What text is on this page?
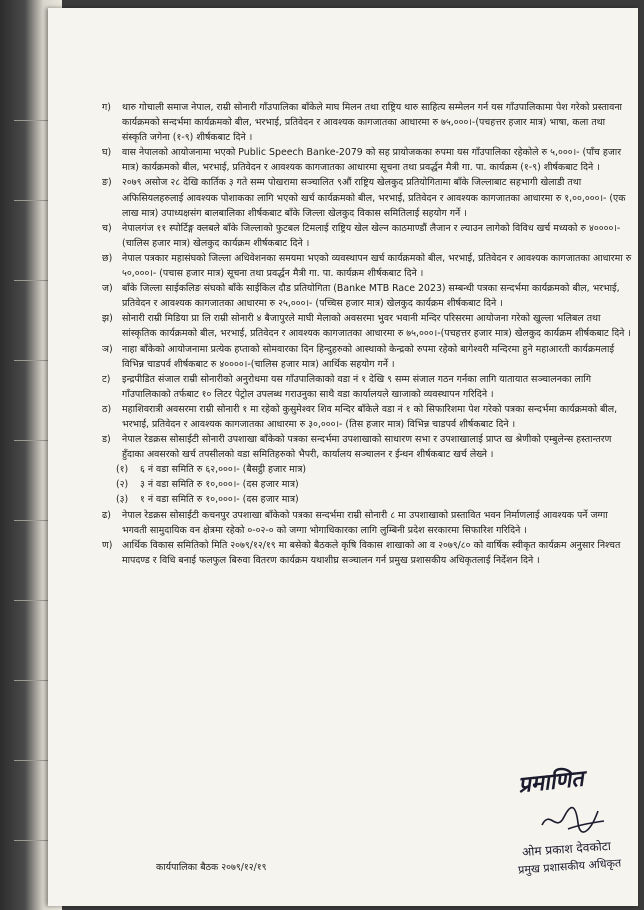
ग)	थारु गोचाली समाज नेपाल, राम्री सोनारी गाँउपालिका बाँकेले माघ मिलन तथा राष्ट्रिय थारु साहित्य सम्मेलन गर्न यस गाँउपालिकामा पेश गरेको प्रस्तावना कार्यक्रमको सन्दर्भमा कार्यक्रमको बील, भरभाई, प्रतिवेदन र आवश्यक कागजातका आधारमा रु ७५,०००।-(पचहत्तर हजार मात्र) भाषा, कला तथा संस्कृति जगेना (१-९) शीर्षकबाट दिने ।
घ)	वास नेपालको आयोजनामा भएको Public Speech Banke-2079 को सह प्रायोजकका रुपमा यस गाँउपालिका रहेकोले रु ५,०००।- (पाँच हजार मात्र) कार्यक्रमको बील, भरभाई, प्रतिवेदन र आवश्यक कागजातका आधारमा सूचना तथा प्रवर्द्धन मैत्री गा. पा. कार्यक्रम (१-९) शीर्षकबाट दिने ।
ङ)	२०७९ असोज २८ देखि कार्तिक ३ गते सम्म पोखरामा सञ्चालित ९औं राष्ट्रिय खेलकुद प्रतियोगितामा बाँके जिल्लाबाट सहभागी खेलाडी तथा अफिसियलहरुलाई आवश्यक पोशाकका लागि भएको खर्च कार्यक्रमको बील, भरभाई, प्रतिवेदन र आवश्यक कागजातका आधारमा रु १,००,०००।- (एक लाख मात्र) उपाध्यक्षसंग बालबालिका शीर्षकबाट बाँके जिल्ला खेलकुद विकास समितिलाई सहयोग गर्ने ।
च)	नेपालगंज ११ स्पोर्टिङ्ग क्लबले बाँके जिल्लाको फुटबल टिमलाई राष्ट्रिय खेल खेल्न काठमाण्डौं लैजान र ल्याउन लागेको विविध खर्च मध्यको रु ४००००।- (चालिस हजार मात्र) खेलकुद कार्यक्रम शीर्षकबाट दिने ।
छ)	नेपाल पत्रकार महासंघको जिल्ला अधिवेशनका समयमा भएको व्यवस्थापन खर्च कार्यक्रमको बील, भरभाई, प्रतिवेदन र आवश्यक कागजातका आधारमा रु ५०,०००।- (पचास हजार मात्र) सूचना तथा प्रवर्द्धन मैत्री गा. पा. कार्यक्रम शीर्षकबाट दिने ।
ज) बाँके जिल्ला साईकलिङ संघको बाँके साईकिल दौड प्रतियोगिता (Banke MTB Race 2023) सम्बन्धी पत्रका सन्दर्भमा कार्यक्रमको बील, भरभाई, प्रतिवेदन र आवश्यक कागजातका आधारमा रु २५,०००।- (पच्चिस हजार मात्र) खेलकुद कार्यक्रम शीर्षकबाट दिने ।
झ) सोनारी राम्री मिडिया प्रा लि राम्री सोनारी ४ बैजापुरले माघी मेलाको अवसरमा भुवर भवानी मन्दिर परिसरमा आयोजना गरेको खुल्ला भलिबल तथा सांस्कृतिक कार्यक्रमको बील, भरभाई, प्रतिवेदन र आवश्यक कागजातका आधारमा रु ७५,०००।-(पचहत्तर हजार मात्र) खेलकुद कार्यक्रम शीर्षकबाट दिने ।
ञ) नाहा बाँकेको आयोजनामा प्रत्येक हप्ताको सोमवारका दिन हिन्दुहरुको आस्थाको केन्द्रको रुपमा रहेको बागेश्वरी मन्दिरमा हुने महाआरती कार्यक्रमलाई विभिन्न चाडपर्व शीर्षकबाट रु ४००००।-(चालिस हजार मात्र) आर्थिक सहयोग गर्ने ।
ट)	इन्द्रपीडित संजाल राम्री सोनारीको अनुरोधमा यस गाँउपालिकाको वडा नं १ देखि ९ सम्म संजाल गठन गर्नका लागि यातायात सञ्चालनका लागि गाँउपालिकाको तर्फबाट १० लिटर पेट्रोल उपलब्ध गराउनुका साथै वडा कार्यालयले खाजाको व्यवस्थापन गरिदिने ।
ठ)	महाशिवरात्री अवसरमा राम्री सोनारी १ मा रहेको कुसुमेश्वर शिव मन्दिर बाँकेले वडा नं १ को सिफारिशमा पेश गरेको पत्रका सन्दर्भमा कार्यक्रमको बील, भरभाई, प्रतिवेदन र आवश्यक कागजातका आधारमा रु ३०,०००।- (तिस हजार मात्र) विभिन्न चाडपर्व शीर्षकबाट दिने ।
ड)	नेपाल रेडक्रस सोसाईटी सोनारी उपशाखा बाँकेको पत्रका सन्दर्भमा उपशाखाको साधारण सभा र उपशाखालाई प्राप्त ख श्रेणीको एम्बुलेन्स हस्तान्तरण हुँदाका अवसरको खर्च तपसीलको वडा समितिहरुको भैपरी, कार्यालय सञ्चालन र ईन्धन शीर्षकबाट खर्च लेख्ने ।
(१)	६ नं वडा समिति रु ६२,०००।- (बैसट्ठी हजार मात्र)
(२)	३ नं वडा समिति रु १०,०००।- (दस हजार मात्र)
(३)	१ नं वडा समिति रु १०,०००।- (दस हजार मात्र)
ढ)	नेपाल रेडक्रस सोसाईटी कचनपुर उपशाखा बाँकेको पत्रका सन्दर्भमा राम्री सोनारी ८ मा उपशाखाको प्रस्तावित भवन निर्माणलाई आवश्यक पर्ने जग्गा भगवती सामुदायिक वन क्षेत्रमा रहेको ०-०२-० को जग्गा भोगाधिकारका लागि लुम्बिनी प्रदेश सरकारमा सिफारिश गरिदिने ।
ण)	आर्थिक विकास समितिको मिति २०७९/१२/१९ मा बसेको बैठकले कृषि विकास शाखाको आ व २०७९/८० को वार्षिक स्वीकृत कार्यक्रम अनुसार निश्चत मापदण्ड र विधि बनाई फलफुल बिरुवा वितरण कार्यक्रम यथाशीघ्र सञ्चालन गर्न प्रमुख प्रशासकीय अधिकृतलाई निर्देशन दिने ।
प्रमाणित
ओम प्रकाश देवकोटा
प्रमुख प्रशासकीय अधिकृत
कार्यपालिका बैठक २०७९/१२/१९
